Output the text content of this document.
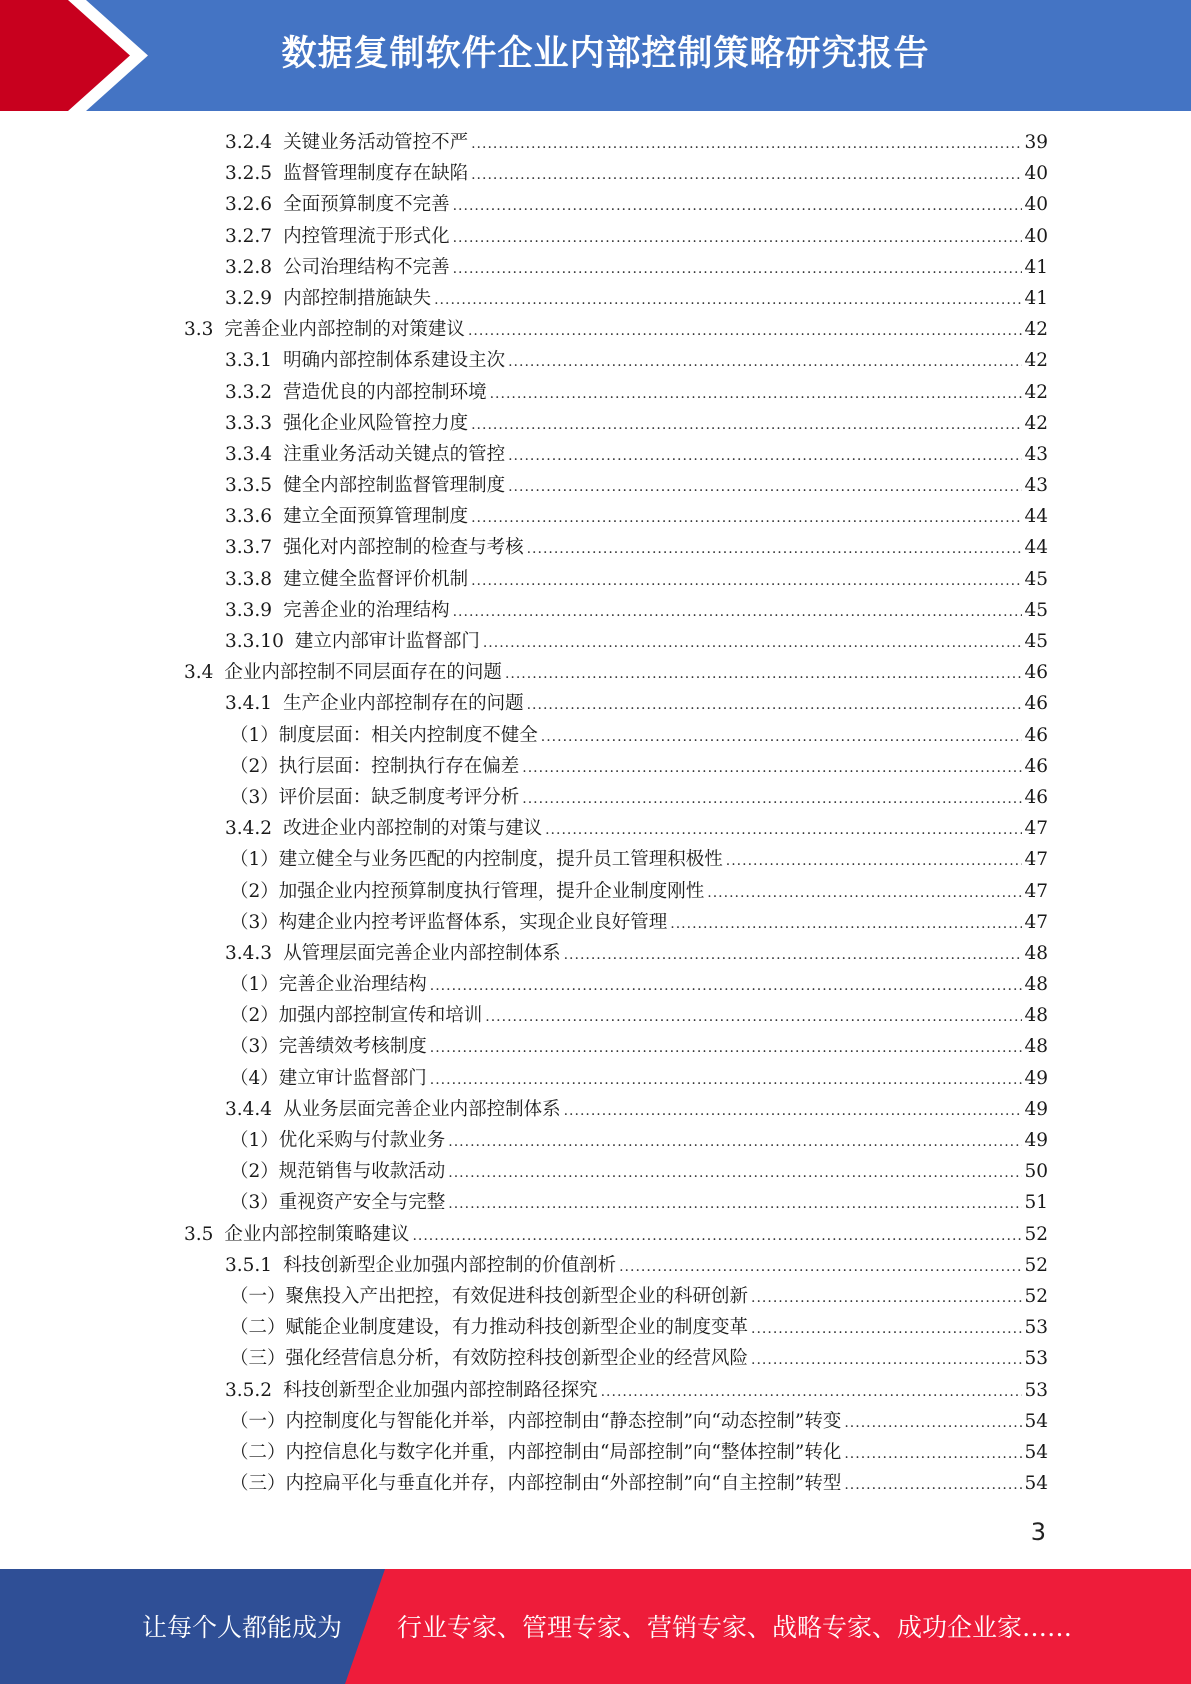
数据复制软件企业内部控制策略研究报告
3.2.4 关键业务活动管控不严 .....	39
3.2.5 监督管理制度存在缺陷 .....	40
3.2.6 全面预算制度不完善 .....	40
3.2.7 内控管理流于形式化 .....	40
3.2.8 公司治理结构不完善 .....	41
3.2.9 内部控制措施缺失 .....	41
3.3 完善企业内部控制的对策建议 .....	42
3.3.1 明确内部控制体系建设主次 .....	42
3.3.2 营造优良的内部控制环境 .....	42
3.3.3 强化企业风险管控力度 .....	42
3.3.4 注重业务活动关键点的管控 .....	43
3.3.5 健全内部控制监督管理制度 .....	43
3.3.6 建立全面预算管理制度 .....	44
3.3.7 强化对内部控制的检查与考核 .....	44
3.3.8 建立健全监督评价机制 .....	45
3.3.9 完善企业的治理结构 .....	45
3.3.10 建立内部审计监督部门 .....	45
3.4 企业内部控制不同层面存在的问题 .....	46
3.4.1 生产企业内部控制存在的问题 .....	46
（1）制度层面：相关内控制度不健全 .....	46
（2）执行层面：控制执行存在偏差 .....	46
（3）评价层面：缺乏制度考评分析 .....	46
3.4.2 改进企业内部控制的对策与建议 .....	47
（1）建立健全与业务匹配的内控制度，提升员工管理积极性 .....	47
（2）加强企业内控预算制度执行管理，提升企业制度刚性 .....	47
（3）构建企业内控考评监督体系，实现企业良好管理 .....	47
3.4.3 从管理层面完善企业内部控制体系 .....	48
（1）完善企业治理结构 .....	48
（2）加强内部控制宣传和培训 .....	48
（3）完善绩效考核制度 .....	48
（4）建立审计监督部门 .....	49
3.4.4 从业务层面完善企业内部控制体系 .....	49
（1）优化采购与付款业务 .....	49
（2）规范销售与收款活动 .....	50
（3）重视资产安全与完整 .....	51
3.5 企业内部控制策略建议 .....	52
3.5.1 科技创新型企业加强内部控制的价值剖析 .....	52
（一）聚焦投入产出把控，有效促进科技创新型企业的科研创新 .....	52
（二）赋能企业制度建设，有力推动科技创新型企业的制度变革 .....	53
（三）强化经营信息分析，有效防控科技创新型企业的经营风险 .....	53
3.5.2 科技创新型企业加强内部控制路径探究 .....	53
（一）内控制度化与智能化并举，内部控制由“静态控制”向“动态控制”转变 .....	54
（二）内控信息化与数字化并重，内部控制由“局部控制”向“整体控制”转化 .....	54
（三）内控扁平化与垂直化并存，内部控制由“外部控制”向“自主控制”转型 .....	54
3
让每个人都能成为 行业专家、管理专家、营销专家、战略专家、成功企业家……
